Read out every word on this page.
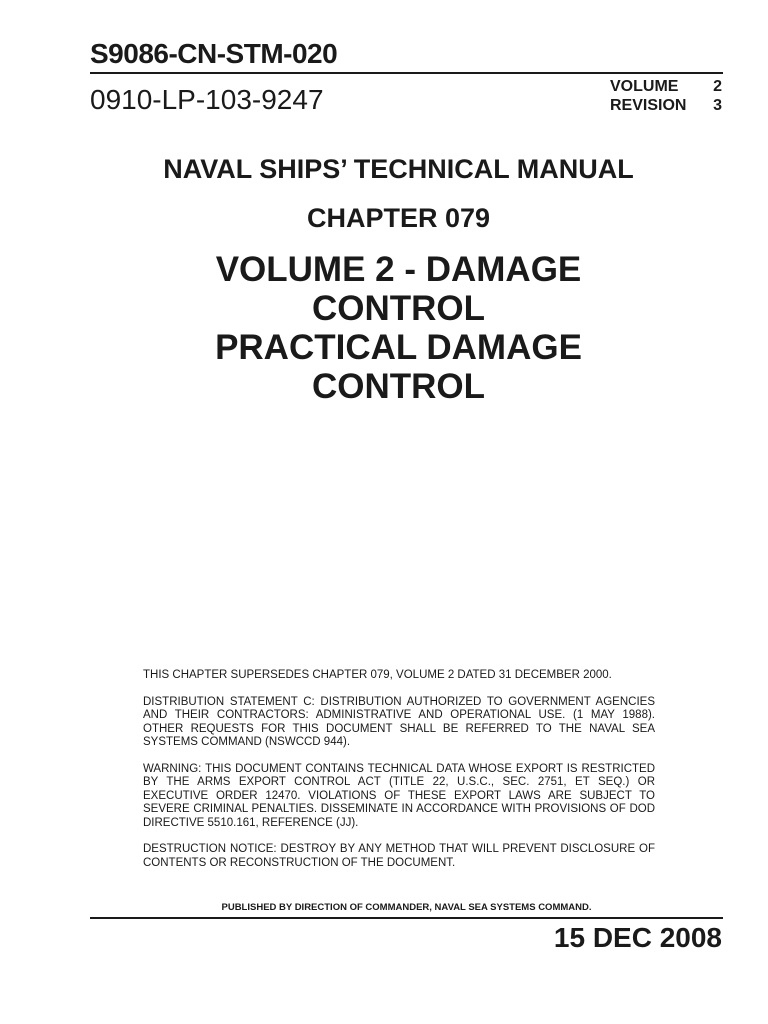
S9086-CN-STM-020
0910-LP-103-9247	VOLUME	2
REVISION	3
NAVAL SHIPS’ TECHNICAL MANUAL
CHAPTER 079
VOLUME 2 - DAMAGE
CONTROL
PRACTICAL DAMAGE
CONTROL

THIS CHAPTER SUPERSEDES CHAPTER 079, VOLUME 2 DATED 31 DECEMBER 2000.

DISTRIBUTION STATEMENT C: DISTRIBUTION AUTHORIZED TO GOVERNMENT AGENCIES AND THEIR CONTRACTORS: ADMINISTRATIVE AND OPERATIONAL USE. (1 MAY 1988). OTHER REQUESTS FOR THIS DOCUMENT SHALL BE REFERRED TO THE NAVAL SEA SYSTEMS COMMAND (NSWCCD 944).

WARNING: THIS DOCUMENT CONTAINS TECHNICAL DATA WHOSE EXPORT IS RESTRICTED BY THE ARMS EXPORT CONTROL ACT (TITLE 22, U.S.C., SEC. 2751, ET SEQ.) OR EXECUTIVE ORDER 12470. VIOLATIONS OF THESE EXPORT LAWS ARE SUBJECT TO SEVERE CRIMINAL PENALTIES. DISSEMINATE IN ACCORDANCE WITH PROVISIONS OF DOD DIRECTIVE 5510.161, REFERENCE (JJ).

DESTRUCTION NOTICE: DESTROY BY ANY METHOD THAT WILL PREVENT DISCLOSURE OF CONTENTS OR RECONSTRUCTION OF THE DOCUMENT.

PUBLISHED BY DIRECTION OF COMMANDER, NAVAL SEA SYSTEMS COMMAND.

15 DEC 2008
